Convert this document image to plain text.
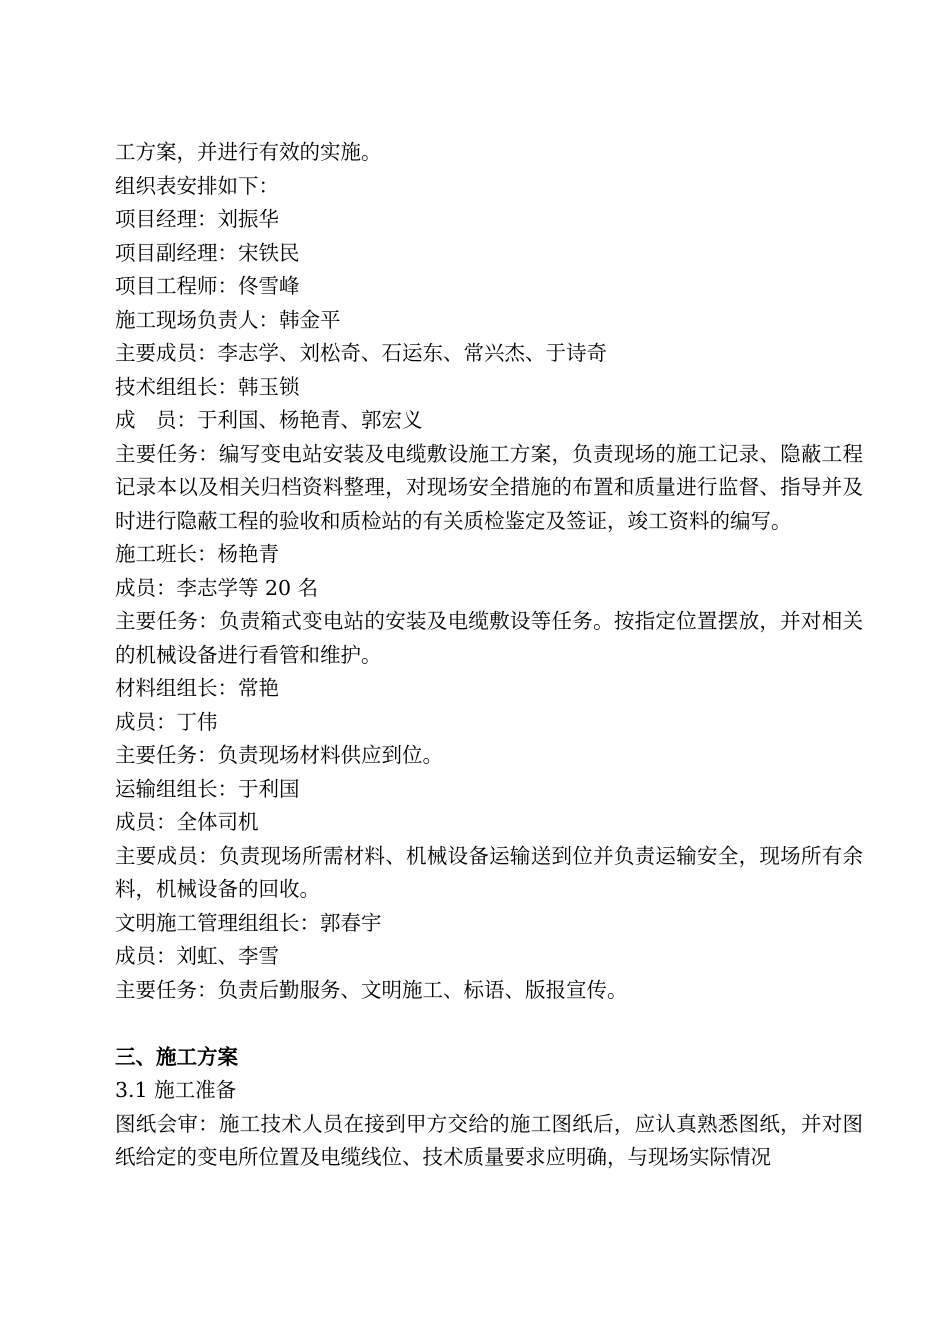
工方案，并进行有效的实施。

组织表安排如下：

项目经理：刘振华

项目副经理：宋铁民

项目工程师：佟雪峰

施工现场负责人：韩金平

主要成员：李志学、刘松奇、石运东、常兴杰、于诗奇

技术组组长：韩玉锁

成　员：于利国、杨艳青、郭宏义

主要任务：编写变电站安装及电缆敷设施工方案，负责现场的施工记录、隐蔽工程记录本以及相关归档资料整理，对现场安全措施的布置和质量进行监督、指导并及时进行隐蔽工程的验收和质检站的有关质检鉴定及签证，竣工资料的编写。

施工班长：杨艳青

成员：李志学等 20 名

主要任务：负责箱式变电站的安装及电缆敷设等任务。按指定位置摆放，并对相关的机械设备进行看管和维护。

材料组组长：常艳

成员：丁伟

主要任务：负责现场材料供应到位。

运输组组长：于利国

成员：全体司机

主要成员：负责现场所需材料、机械设备运输送到位并负责运输安全，现场所有余料，机械设备的回收。

文明施工管理组组长：郭春宇

成员：刘虹、李雪

主要任务：负责后勤服务、文明施工、标语、版报宣传。

三、施工方案

3.1 施工准备

图纸会审：施工技术人员在接到甲方交给的施工图纸后，应认真熟悉图纸，并对图纸给定的变电所位置及电缆线位、技术质量要求应明确，与现场实际情况
